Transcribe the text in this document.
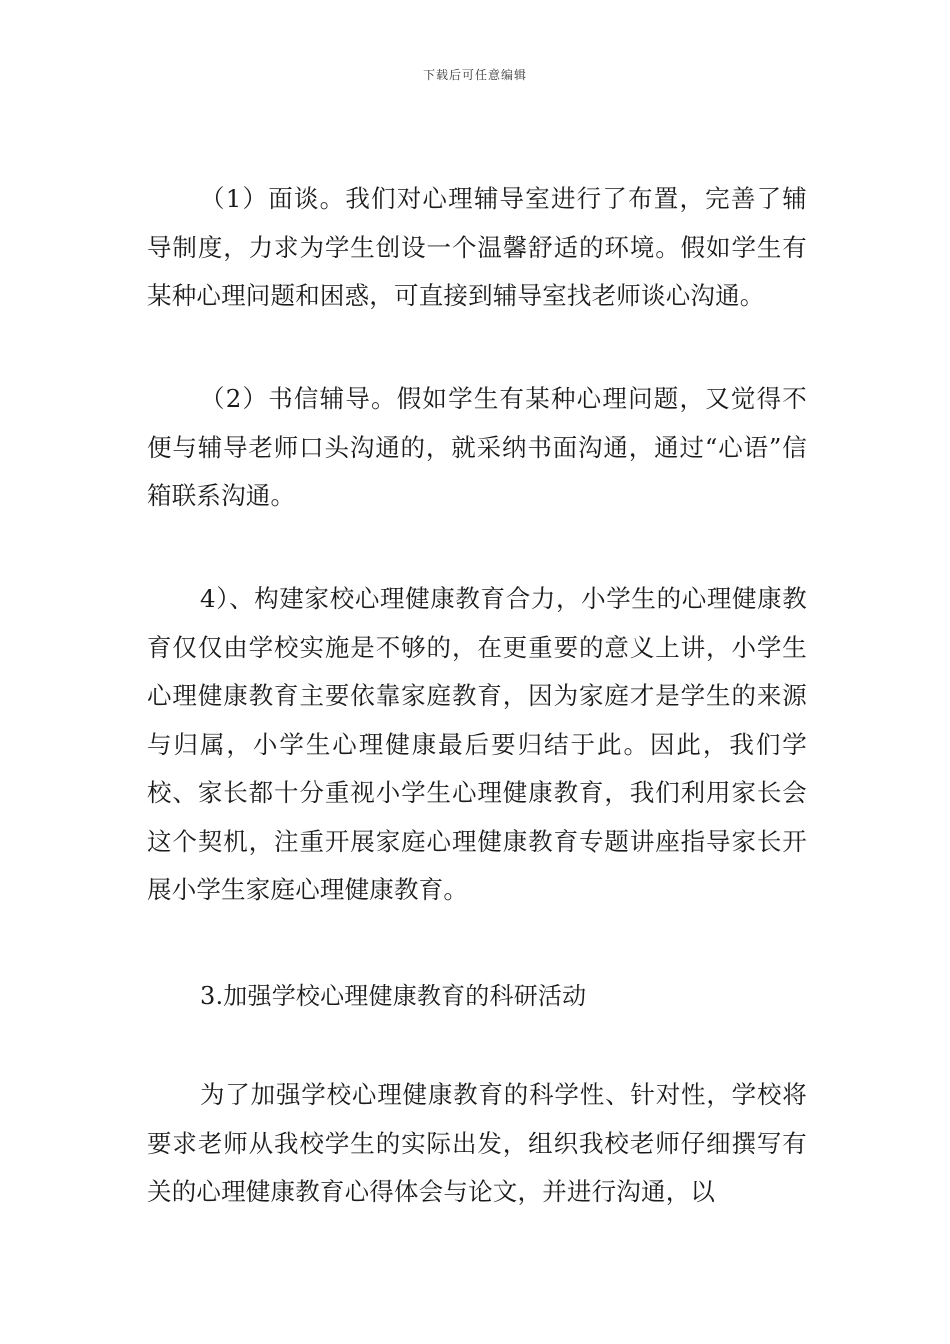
下载后可任意编辑

（1）面谈。我们对心理辅导室进行了布置，完善了辅导制度，力求为学生创设一个温馨舒适的环境。假如学生有某种心理问题和困惑，可直接到辅导室找老师谈心沟通。

（2）书信辅导。假如学生有某种心理问题，又觉得不便与辅导老师口头沟通的，就采纳书面沟通，通过“心语”信箱联系沟通。

4）、构建家校心理健康教育合力，小学生的心理健康教育仅仅由学校实施是不够的，在更重要的意义上讲，小学生心理健康教育主要依靠家庭教育，因为家庭才是学生的来源与归属，小学生心理健康最后要归结于此。因此，我们学校、家长都十分重视小学生心理健康教育，我们利用家长会这个契机，注重开展家庭心理健康教育专题讲座指导家长开展小学生家庭心理健康教育。

3.加强学校心理健康教育的科研活动

为了加强学校心理健康教育的科学性、针对性，学校将要求老师从我校学生的实际出发，组织我校老师仔细撰写有关的心理健康教育心得体会与论文，并进行沟通，以
